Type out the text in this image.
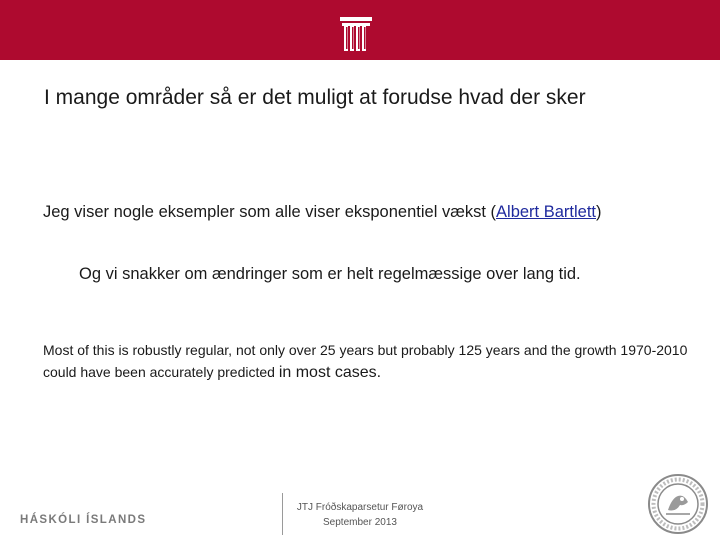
I mange områder så er det muligt at forudse hvad der sker
Jeg viser nogle eksempler som alle viser eksponentiel vækst (Albert Bartlett)
Og vi snakker om ændringer som er helt regelmæssige over lang tid.
Most of this is robustly regular, not only over 25 years but probably 125 years and the growth 1970-2010 could have been accurately predicted in most cases.
HÁSKÓLI ÍSLANDS
JTJ Fróðskaparsetur Føroya
September 2013
